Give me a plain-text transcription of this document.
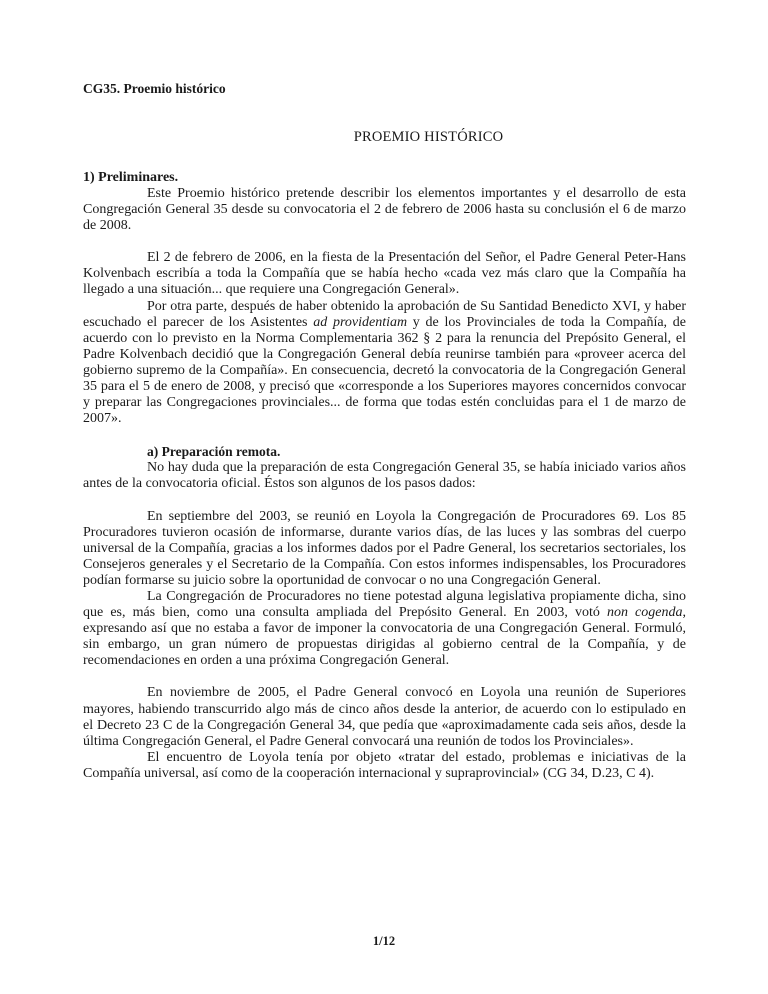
CG35. Proemio histórico
PROEMIO HISTÓRICO
1) Preliminares.

Este Proemio histórico pretende describir los elementos importantes y el desarrollo de esta Congregación General 35 desde su convocatoria el 2 de febrero de 2006 hasta su conclusión el 6 de marzo de 2008.

El 2 de febrero de 2006, en la fiesta de la Presentación del Señor, el Padre General Peter-Hans Kolvenbach escribía a toda la Compañía que se había hecho «cada vez más claro que la Compañía ha llegado a una situación... que requiere una Congregación General».

Por otra parte, después de haber obtenido la aprobación de Su Santidad Benedicto XVI, y haber escuchado el parecer de los Asistentes ad providentiam y de los Provinciales de toda la Compañía, de acuerdo con lo previsto en la Norma Complementaria 362 § 2 para la renuncia del Prepósito General, el Padre Kolvenbach decidió que la Congregación General debía reunirse también para «proveer acerca del gobierno supremo de la Compañía». En consecuencia, decretó la convocatoria de la Congregación General 35 para el 5 de enero de 2008, y precisó que «corresponde a los Superiores mayores concernidos convocar y preparar las Congregaciones provinciales... de forma que todas estén concluidas para el 1 de marzo de 2007».

a) Preparación remota.

No hay duda que la preparación de esta Congregación General 35, se había iniciado varios años antes de la convocatoria oficial. Éstos son algunos de los pasos dados:

En septiembre del 2003, se reunió en Loyola la Congregación de Procuradores 69. Los 85 Procuradores tuvieron ocasión de informarse, durante varios días, de las luces y las sombras del cuerpo universal de la Compañía, gracias a los informes dados por el Padre General, los secretarios sectoriales, los Consejeros generales y el Secretario de la Compañía. Con estos informes indispensables, los Procuradores podían formarse su juicio sobre la oportunidad de convocar o no una Congregación General.

La Congregación de Procuradores no tiene potestad alguna legislativa propiamente dicha, sino que es, más bien, como una consulta ampliada del Prepósito General. En 2003, votó non cogenda, expresando así que no estaba a favor de imponer la convocatoria de una Congregación General. Formuló, sin embargo, un gran número de propuestas dirigidas al gobierno central de la Compañía, y de recomendaciones en orden a una próxima Congregación General.

En noviembre de 2005, el Padre General convocó en Loyola una reunión de Superiores mayores, habiendo transcurrido algo más de cinco años desde la anterior, de acuerdo con lo estipulado en el Decreto 23 C de la Congregación General 34, que pedía que «aproximadamente cada seis años, desde la última Congregación General, el Padre General convocará una reunión de todos los Provinciales».

El encuentro de Loyola tenía por objeto «tratar del estado, problemas e iniciativas de la Compañía universal, así como de la cooperación internacional y supraprovincial» (CG 34, D.23, C 4).

1/12
